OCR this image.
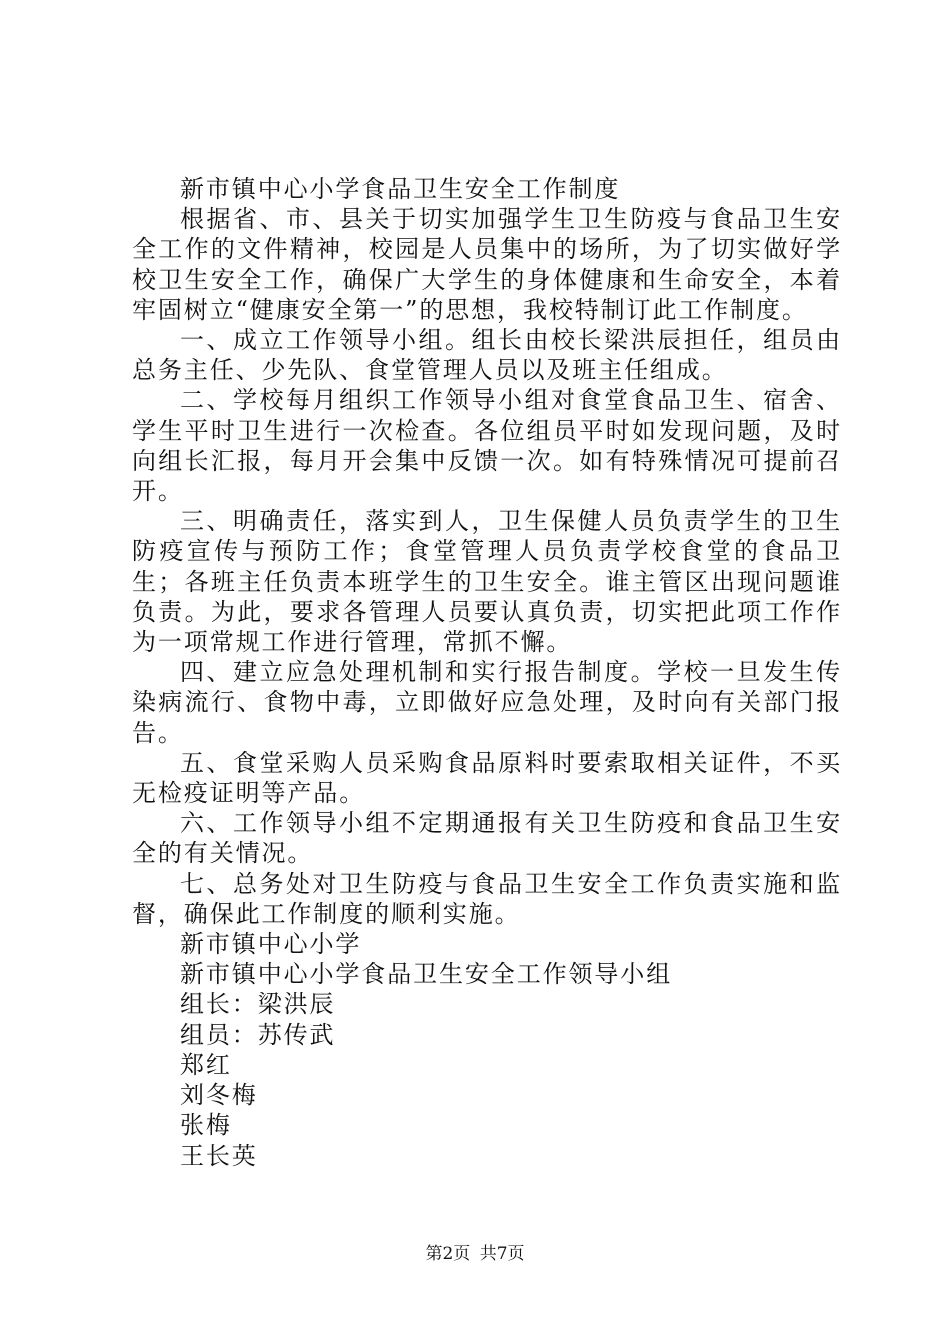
新市镇中心小学食品卫生安全工作制度

根据省、市、县关于切实加强学生卫生防疫与食品卫生安全工作的文件精神，校园是人员集中的场所，为了切实做好学校卫生安全工作，确保广大学生的身体健康和生命安全，本着牢固树立“健康安全第一”的思想，我校特制订此工作制度。

一、成立工作领导小组。组长由校长梁洪辰担任，组员由总务主任、少先队、食堂管理人员以及班主任组成。

二、学校每月组织工作领导小组对食堂食品卫生、宿舍、学生平时卫生进行一次检查。各位组员平时如发现问题，及时向组长汇报，每月开会集中反馈一次。如有特殊情况可提前召开。

三、明确责任，落实到人，卫生保健人员负责学生的卫生防疫宣传与预防工作；食堂管理人员负责学校食堂的食品卫生；各班主任负责本班学生的卫生安全。谁主管区出现问题谁负责。为此，要求各管理人员要认真负责，切实把此项工作作为一项常规工作进行管理，常抓不懈。

四、建立应急处理机制和实行报告制度。学校一旦发生传染病流行、食物中毒，立即做好应急处理，及时向有关部门报告。

五、食堂采购人员采购食品原料时要索取相关证件，不买无检疫证明等产品。

六、工作领导小组不定期通报有关卫生防疫和食品卫生安全的有关情况。

七、总务处对卫生防疫与食品卫生安全工作负责实施和监督，确保此工作制度的顺利实施。

新市镇中心小学

新市镇中心小学食品卫生安全工作领导小组

组长：梁洪辰

组员：苏传武

郑红

刘冬梅

张梅

王长英

第2页 共7页
